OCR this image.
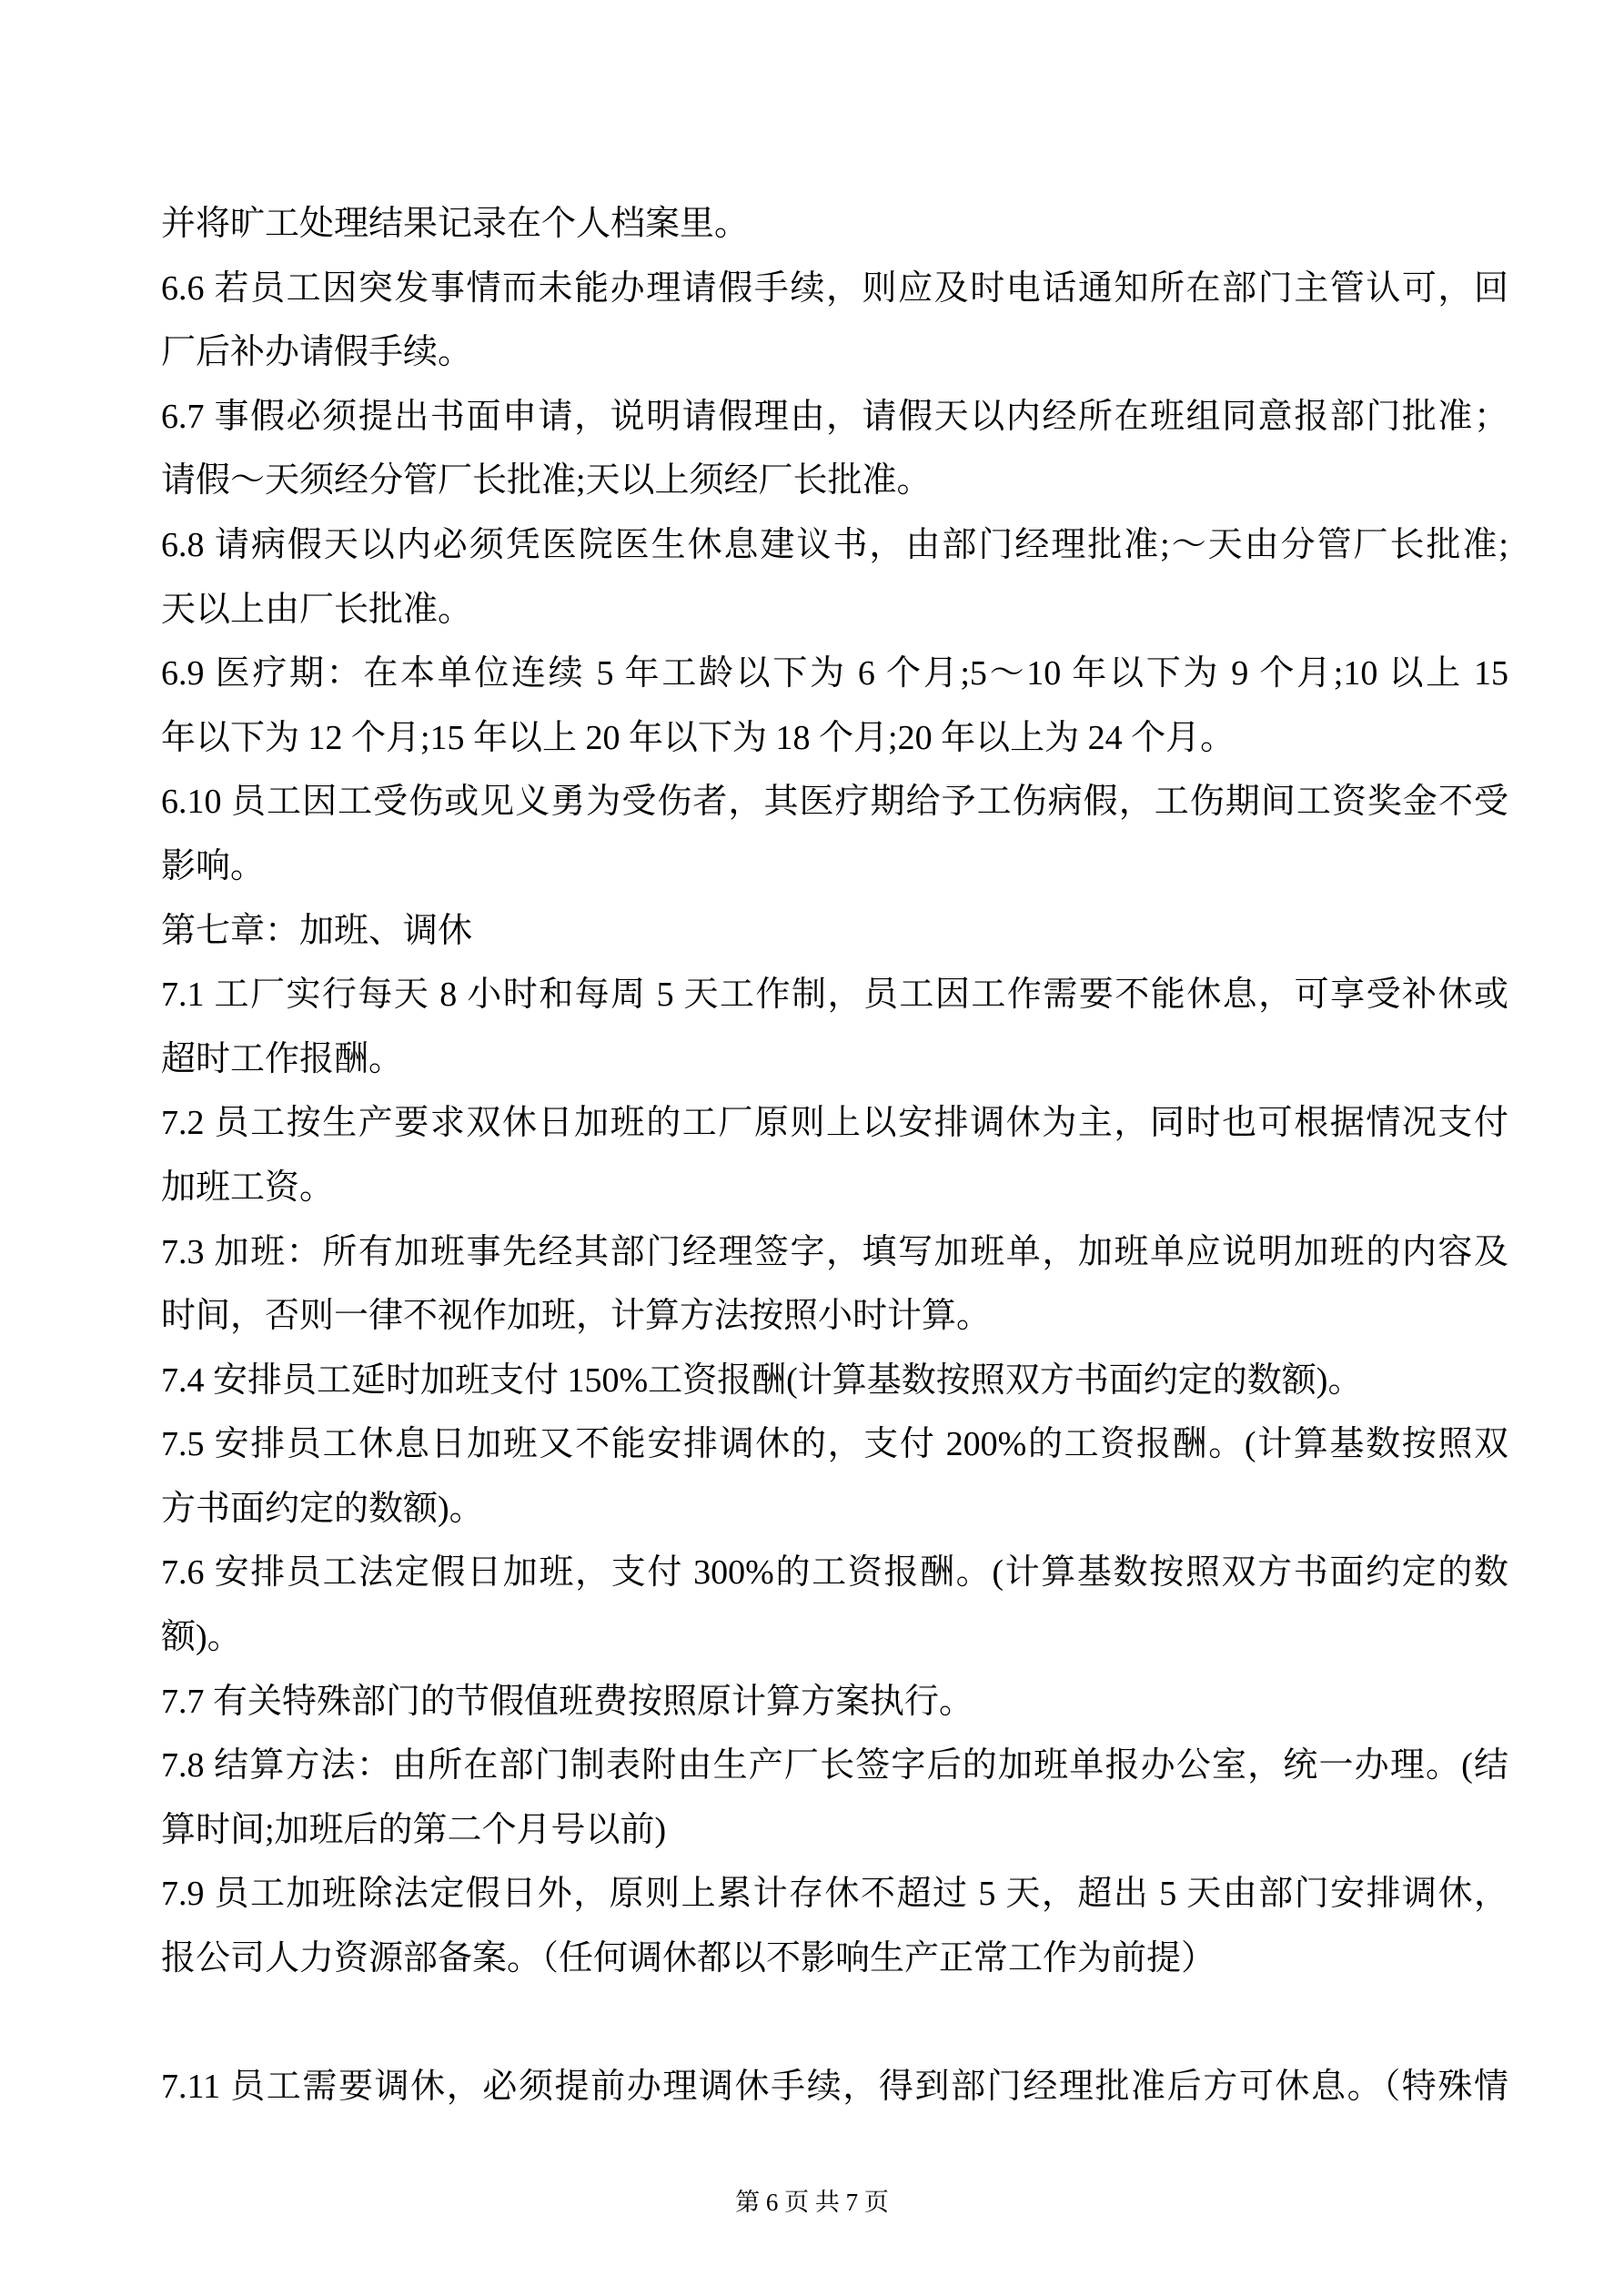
并将旷工处理结果记录在个人档案里。
6.6 若员工因突发事情而未能办理请假手续，则应及时电话通知所在部门主管认可，回
厂后补办请假手续。
6.7 事假必须提出书面申请，说明请假理由，请假天以内经所在班组同意报部门批准；
请假～天须经分管厂长批准;天以上须经厂长批准。
6.8 请病假天以内必须凭医院医生休息建议书，由部门经理批准;～天由分管厂长批准;
天以上由厂长批准。
6.9 医疗期：在本单位连续 5 年工龄以下为 6 个月;5～10 年以下为 9 个月;10 以上 15
年以下为 12 个月;15 年以上 20 年以下为 18 个月;20 年以上为 24 个月。
6.10 员工因工受伤或见义勇为受伤者，其医疗期给予工伤病假，工伤期间工资奖金不受
影响。
第七章：加班、调休
7.1 工厂实行每天 8 小时和每周 5 天工作制，员工因工作需要不能休息，可享受补休或
超时工作报酬。
7.2 员工按生产要求双休日加班的工厂原则上以安排调休为主，同时也可根据情况支付
加班工资。
7.3 加班：所有加班事先经其部门经理签字，填写加班单，加班单应说明加班的内容及
时间，否则一律不视作加班，计算方法按照小时计算。
7.4 安排员工延时加班支付 150%工资报酬(计算基数按照双方书面约定的数额)。
7.5 安排员工休息日加班又不能安排调休的，支付 200%的工资报酬。(计算基数按照双
方书面约定的数额)。
7.6 安排员工法定假日加班，支付 300%的工资报酬。(计算基数按照双方书面约定的数
额)。
7.7 有关特殊部门的节假值班费按照原计算方案执行。
7.8 结算方法：由所在部门制表附由生产厂长签字后的加班单报办公室，统一办理。(结
算时间;加班后的第二个月号以前)
7.9 员工加班除法定假日外，原则上累计存休不超过 5 天，超出 5 天由部门安排调休，
报公司人力资源部备案。（任何调休都以不影响生产正常工作为前提）
7.11 员工需要调休，必须提前办理调休手续，得到部门经理批准后方可休息。（特殊情
第 6 页 共 7 页
